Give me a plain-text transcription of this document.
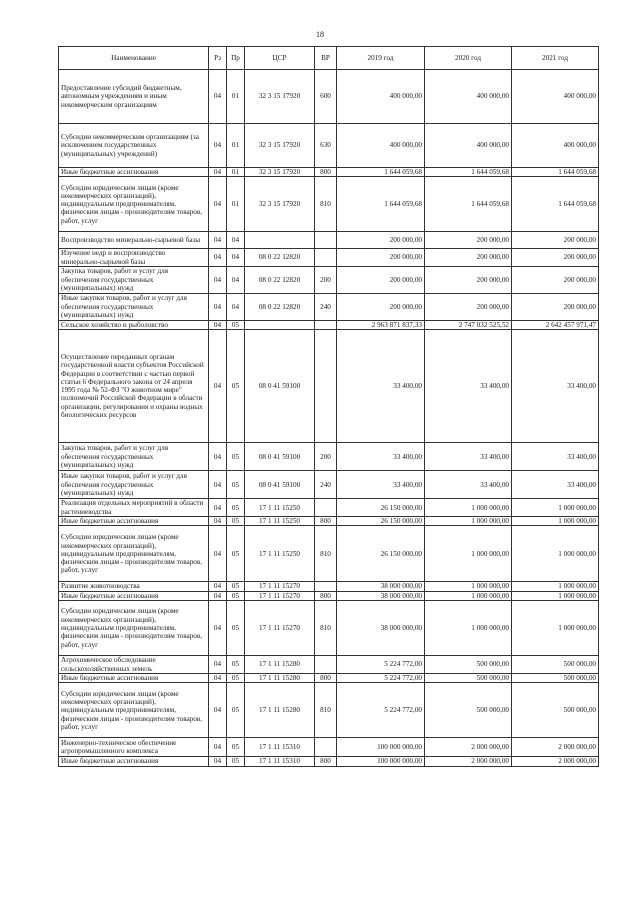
18
Наименование	Рз	Пр	ЦСР	ВР	2019 год	2020 год	2021 год
Предоставление субсидий бюджетным, автономным учреждениям и иным некоммерческим организациям	04	01	32 3 15 17920	600	400 000,00	400 000,00	400 000,00
Субсидии некоммерческим организациям (за исключением государственных (муниципальных) учреждений)	04	01	32 3 15 17920	630	400 000,00	400 000,00	400 000,00
Иные бюджетные ассигнования	04	01	32 3 15 17920	800	1 644 059,68	1 644 059,68	1 644 059,68
Субсидии юридическим лицам (кроме некоммерческих организаций), индивидуальным предпринимателям, физическим лицам - производителям товаров, работ, услуг	04	01	32 3 15 17920	810	1 644 059,68	1 644 059,68	1 644 059,68
Воспроизводство минерально-сырьевой базы	04	04			200 000,00	200 000,00	200 000,00
Изучение недр и воспроизводство минерально-сырьевой базы	04	04	08 0 22 12820		200 000,00	200 000,00	200 000,00
Закупка товаров, работ и услуг для обеспечения государственных (муниципальных) нужд	04	04	08 0 22 12820	200	200 000,00	200 000,00	200 000,00
Иные закупки товаров, работ и услуг для обеспечения государственных (муниципальных) нужд	04	04	08 0 22 12820	240	200 000,00	200 000,00	200 000,00
Сельское хозяйство и рыболовство	04	05			2 963 871 837,33	2 747 032 525,52	2 642 457 971,47
Осуществление переданных органам государственной власти субъектов Российской Федерации в соответствии с частью первой статьи 6 Федерального закона от 24 апреля 1995 года № 52-ФЗ "О животном мире" полномочий Российской Федерации в области организации, регулирования и охраны водных биологических ресурсов	04	05	08 0 41 59100		33 400,00	33 400,00	33 400,00
Закупка товаров, работ и услуг для обеспечения государственных (муниципальных) нужд	04	05	08 0 41 59100	200	33 400,00	33 400,00	33 400,00
Иные закупки товаров, работ и услуг для обеспечения государственных (муниципальных) нужд	04	05	08 0 41 59100	240	33 400,00	33 400,00	33 400,00
Реализация отдельных мероприятий в области растениеводства	04	05	17 1 11 15250		26 150 000,00	1 000 000,00	1 000 000,00
Иные бюджетные ассигнования	04	05	17 1 11 15250	800	26 150 000,00	1 000 000,00	1 000 000,00
Субсидии юридическим лицам (кроме некоммерческих организаций), индивидуальным предпринимателям, физическим лицам - производителям товаров, работ, услуг	04	05	17 1 11 15250	810	26 150 000,00	1 000 000,00	1 000 000,00
Развитие животноводства	04	05	17 1 11 15270		38 000 000,00	1 000 000,00	1 000 000,00
Иные бюджетные ассигнования	04	05	17 1 11 15270	800	38 000 000,00	1 000 000,00	1 000 000,00
Субсидии юридическим лицам (кроме некоммерческих организаций), индивидуальным предпринимателям, физическим лицам - производителям товаров, работ, услуг	04	05	17 1 11 15270	810	38 000 000,00	1 000 000,00	1 000 000,00
Агрохимическое обследование сельскохозяйственных земель	04	05	17 1 11 15280		5 224 772,00	500 000,00	500 000,00
Иные бюджетные ассигнования	04	05	17 1 11 15280	800	5 224 772,00	500 000,00	500 000,00
Субсидии юридическим лицам (кроме некоммерческих организаций), индивидуальным предпринимателям, физическим лицам - производителям товаров, работ, услуг	04	05	17 1 11 15280	810	5 224 772,00	500 000,00	500 000,00
Инженерно-техническое обеспечение агропромышленного комплекса	04	05	17 1 11 15310		100 000 000,00	2 000 000,00	2 000 000,00
Иные бюджетные ассигнования	04	05	17 1 11 15310	800	100 000 000,00	2 000 000,00	2 000 000,00
